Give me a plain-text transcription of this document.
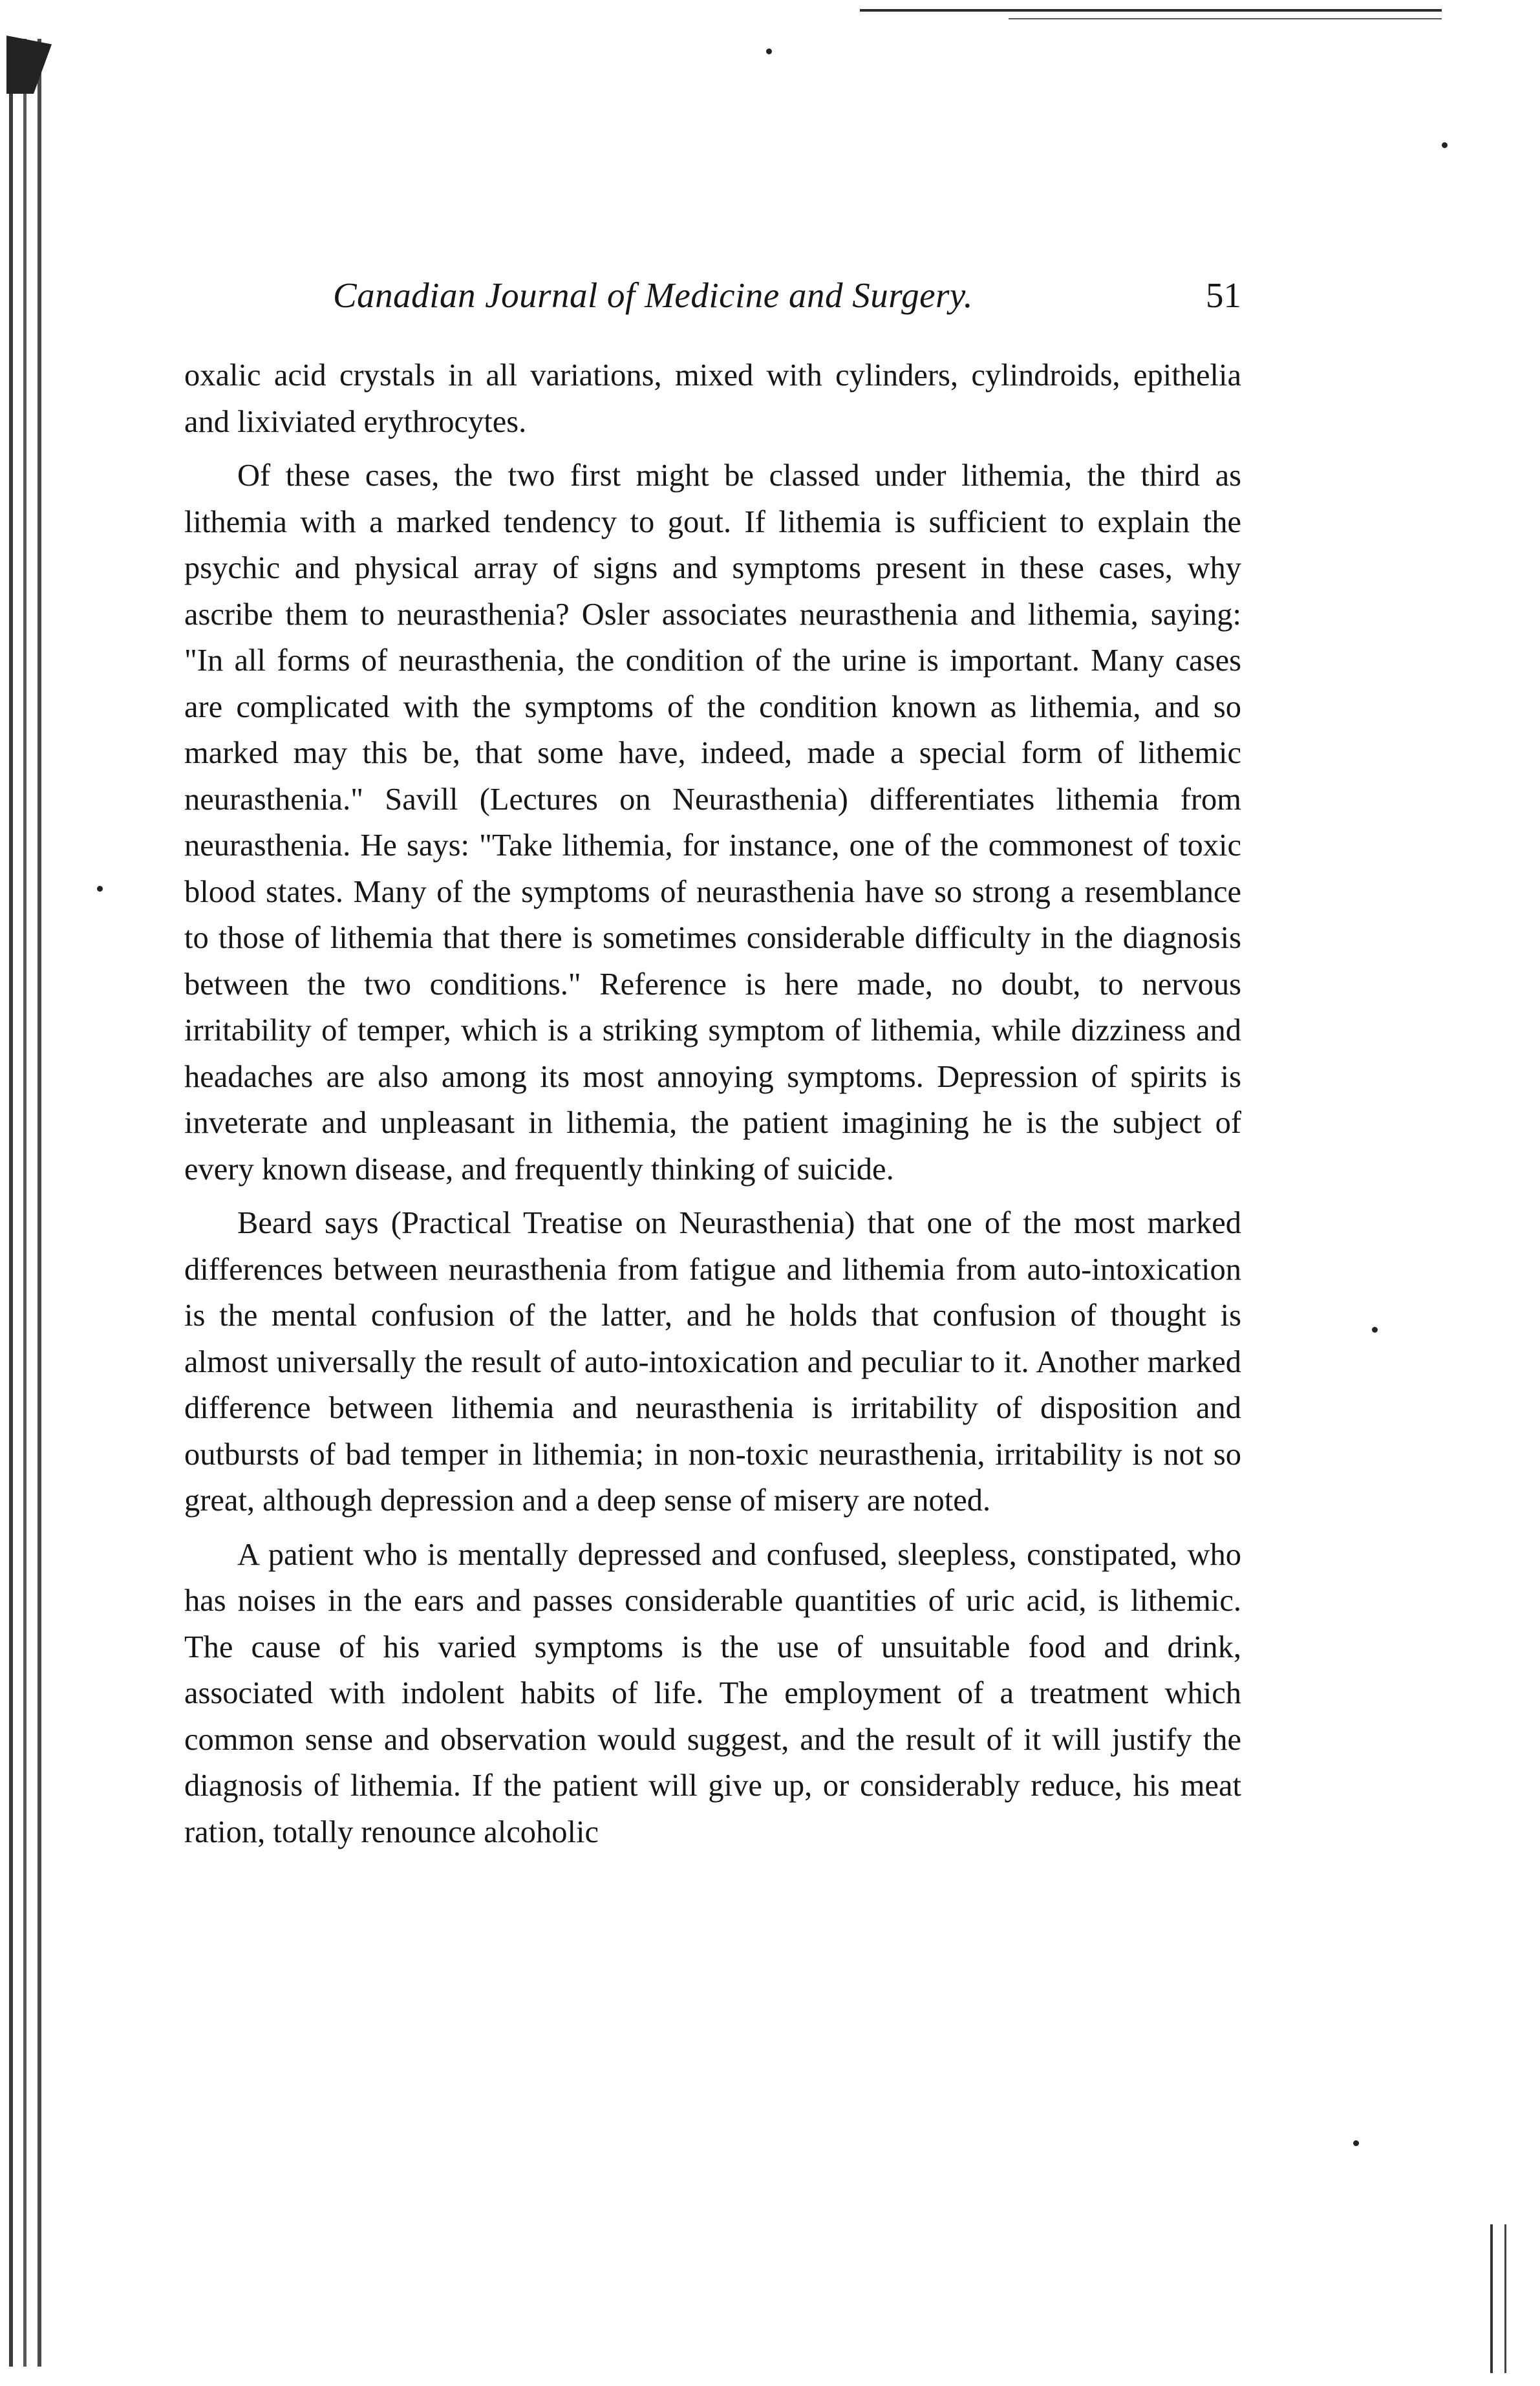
Canadian Journal of Medicine and Surgery.	51

oxalic acid crystals in all variations, mixed with cylinders, cylindroids, epithelia and lixiviated erythrocytes.

Of these cases, the two first might be classed under lithemia, the third as lithemia with a marked tendency to gout. If lithemia is sufficient to explain the psychic and physical array of signs and symptoms present in these cases, why ascribe them to neurasthenia? Osler associates neurasthenia and lithemia, saying: "In all forms of neurasthenia, the condition of the urine is important. Many cases are complicated with the symptoms of the condition known as lithemia, and so marked may this be, that some have, indeed, made a special form of lithemic neurasthenia." Savill (Lectures on Neurasthenia) differentiates lithemia from neurasthenia. He says: "Take lithemia, for instance, one of the commonest of toxic blood states. Many of the symptoms of neurasthenia have so strong a resemblance to those of lithemia that there is sometimes considerable difficulty in the diagnosis between the two conditions." Reference is here made, no doubt, to nervous irritability of temper, which is a striking symptom of lithemia, while dizziness and headaches are also among its most annoying symptoms. Depression of spirits is inveterate and unpleasant in lithemia, the patient imagining he is the subject of every known disease, and frequently thinking of suicide.

Beard says (Practical Treatise on Neurasthenia) that one of the most marked differences between neurasthenia from fatigue and lithemia from auto-intoxication is the mental confusion of the latter, and he holds that confusion of thought is almost universally the result of auto-intoxication and peculiar to it. Another marked difference between lithemia and neurasthenia is irritability of disposition and outbursts of bad temper in lithemia; in non-toxic neurasthenia, irritability is not so great, although depression and a deep sense of misery are noted.

A patient who is mentally depressed and confused, sleepless, constipated, who has noises in the ears and passes considerable quantities of uric acid, is lithemic. The cause of his varied symptoms is the use of unsuitable food and drink, associated with indolent habits of life. The employment of a treatment which common sense and observation would suggest, and the result of it will justify the diagnosis of lithemia. If the patient will give up, or considerably reduce, his meat ration, totally renounce alcoholic
